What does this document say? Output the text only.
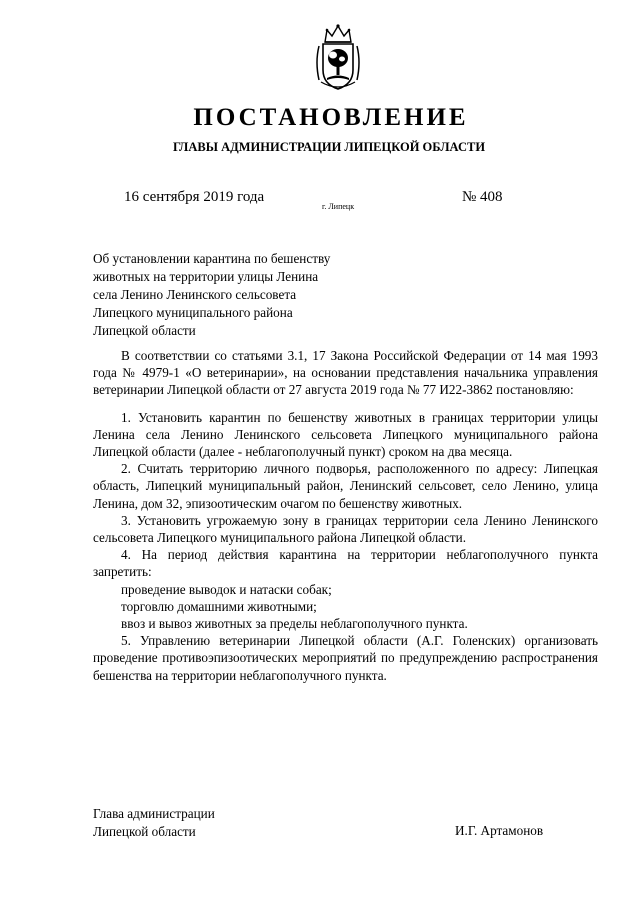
ПОСТАНОВЛЕНИЕ
ГЛАВЫ АДМИНИСТРАЦИИ ЛИПЕЦКОЙ ОБЛАСТИ
16 сентября 2019 года
г. Липецк
№ 408
Об установлении карантина по бешенству
животных на территории улицы Ленина
села Ленино Ленинского сельсовета
Липецкого муниципального района
Липецкой области

В соответствии со статьями 3.1, 17 Закона Российской Федерации от 14 мая 1993 года № 4979-1 «О ветеринарии», на основании представления начальника управления ветеринарии Липецкой области от 27 августа 2019 года № 77 И22-3862 постановляю:

1. Установить карантин по бешенству животных в границах территории улицы Ленина села Ленино Ленинского сельсовета Липецкого муниципального района Липецкой области (далее - неблагополучный пункт) сроком на два месяца.

2. Считать территорию личного подворья, расположенного по адресу: Липецкая область, Липецкий муниципальный район, Ленинский сельсовет, село Ленино, улица Ленина, дом 32, эпизоотическим очагом по бешенству животных.

3. Установить угрожаемую зону в границах территории села Ленино Ленинского сельсовета Липецкого муниципального района Липецкой области.

4. На период действия карантина на территории неблагополучного пункта запретить:

проведение выводок и натаски собак;

торговлю домашними животными;

ввоз и вывоз животных за пределы неблагополучного пункта.

5. Управлению ветеринарии Липецкой области (А.Г. Голенских) организовать проведение противоэпизоотических мероприятий по предупреждению распространения бешенства на территории неблагополучного пункта.

Глава администрации
Липецкой области	И.Г. Артамонов
